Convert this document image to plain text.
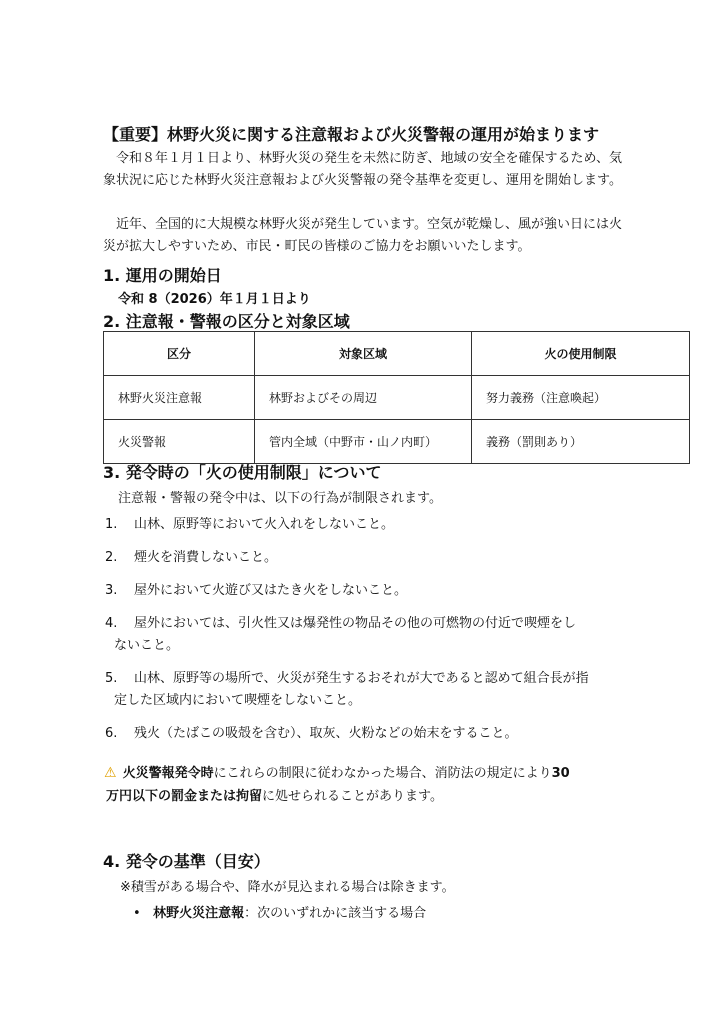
【重要】林野火災に関する注意報および火災警報の運用が始まります
令和８年１月１日より、林野火災の発生を未然に防ぎ、地域の安全を確保するため、気象状況に応じた林野火災注意報および火災警報の発令基準を変更し、運用を開始します。
近年、全国的に大規模な林野火災が発生しています。空気が乾燥し、風が強い日には火災が拡大しやすいため、市民・町民の皆様のご協力をお願いいたします。
1. 運用の開始日
令和 8（2026）年１月１日より
2. 注意報・警報の区分と対象区域
区分	対象区域	火の使用制限
林野火災注意報	林野およびその周辺	努力義務（注意喚起）
火災警報	管内全域（中野市・山ノ内町）	義務（罰則あり）
3. 発令時の「火の使用制限」について
注意報・警報の発令中は、以下の行為が制限されます。
1. 山林、原野等において火入れをしないこと。
2. 煙火を消費しないこと。
3. 屋外において火遊び又はたき火をしないこと。
4. 屋外においては、引火性又は爆発性の物品その他の可燃物の付近で喫煙をし
ないこと。
5. 山林、原野等の場所で、火災が発生するおそれが大であると認めて組合長が指
定した区域内において喫煙をしないこと。
6. 残火（たばこの吸殻を含む）、取灰、火粉などの始末をすること。
⚠ 火災警報発令時にこれらの制限に従わなかった場合、消防法の規定により30
万円以下の罰金または拘留に処せられることがあります。
4. 発令の基準（目安）
※積雪がある場合や、降水が見込まれる場合は除きます。
• 林野火災注意報：次のいずれかに該当する場合
